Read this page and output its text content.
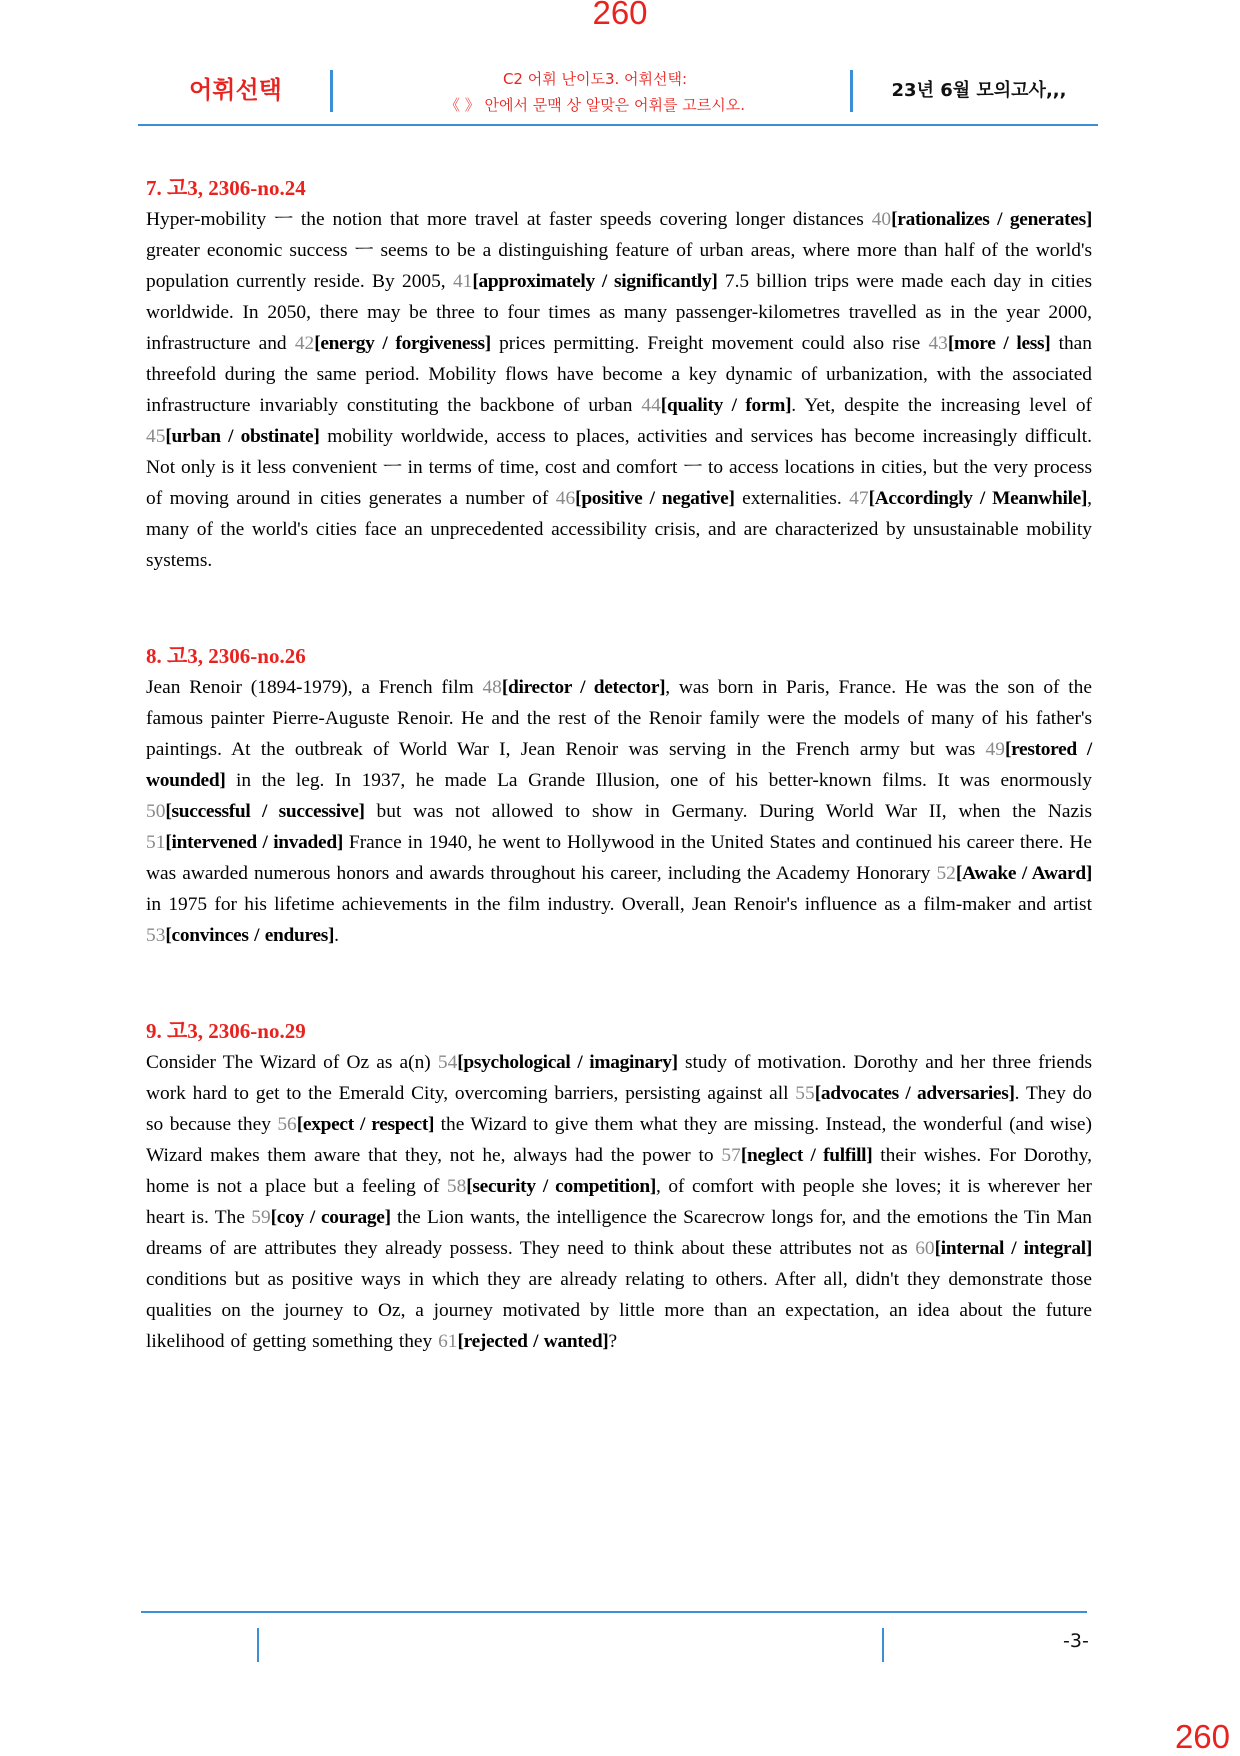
260
어휘선택	C2 어휘 난이도3. 어휘선택:
《 》 안에서 문맥 상 알맞은 어휘를 고르시오.
23년 6월 모의고사,,,
7. 고3, 2306-no.24

Hyper-mobility ㅡ the notion that more travel at faster speeds covering longer distances 40[rationalizes / generates] greater economic success ㅡ seems to be a distinguishing feature of urban areas, where more than half of the world's population currently reside. By 2005, 41[approximately / significantly] 7.5 billion trips were made each day in cities worldwide. In 2050, there may be three to four times as many passenger-kilometres travelled as in the year 2000, infrastructure and 42[energy / forgiveness] prices permitting. Freight movement could also rise 43[more / less] than threefold during the same period. Mobility flows have become a key dynamic of urbanization, with the associated infrastructure invariably constituting the backbone of urban 44[quality / form]. Yet, despite the increasing level of 45[urban / obstinate] mobility worldwide, access to places, activities and services has become increasingly difficult. Not only is it less convenient ㅡ in terms of time, cost and comfort ㅡ to access locations in cities, but the very process of moving around in cities generates a number of 46[positive / negative] externalities. 47[Accordingly / Meanwhile], many of the world's cities face an unprecedented accessibility crisis, and are characterized by unsustainable mobility systems.

8. 고3, 2306-no.26

Jean Renoir (1894-1979), a French film 48[director / detector], was born in Paris, France. He was the son of the famous painter Pierre-Auguste Renoir. He and the rest of the Renoir family were the models of many of his father's paintings. At the outbreak of World War I, Jean Renoir was serving in the French army but was 49[restored / wounded] in the leg. In 1937, he made La Grande Illusion, one of his better-known films. It was enormously 50[successful / successive] but was not allowed to show in Germany. During World War II, when the Nazis 51[intervened / invaded] France in 1940, he went to Hollywood in the United States and continued his career there. He was awarded numerous honors and awards throughout his career, including the Academy Honorary 52[Awake / Award] in 1975 for his lifetime achievements in the film industry. Overall, Jean Renoir's influence as a film-maker and artist 53[convinces / endures].

9. 고3, 2306-no.29

Consider The Wizard of Oz as a(n) 54[psychological / imaginary] study of motivation. Dorothy and her three friends work hard to get to the Emerald City, overcoming barriers, persisting against all 55[advocates / adversaries]. They do so because they 56[expect / respect] the Wizard to give them what they are missing. Instead, the wonderful (and wise) Wizard makes them aware that they, not he, always had the power to 57[neglect / fulfill] their wishes. For Dorothy, home is not a place but a feeling of 58[security / competition], of comfort with people she loves; it is wherever her heart is. The 59[coy / courage] the Lion wants, the intelligence the Scarecrow longs for, and the emotions the Tin Man dreams of are attributes they already possess. They need to think about these attributes not as 60[internal / integral] conditions but as positive ways in which they are already relating to others. After all, didn't they demonstrate those qualities on the journey to Oz, a journey motivated by little more than an expectation, an idea about the future likelihood of getting something they 61[rejected / wanted]?

-3-
260
